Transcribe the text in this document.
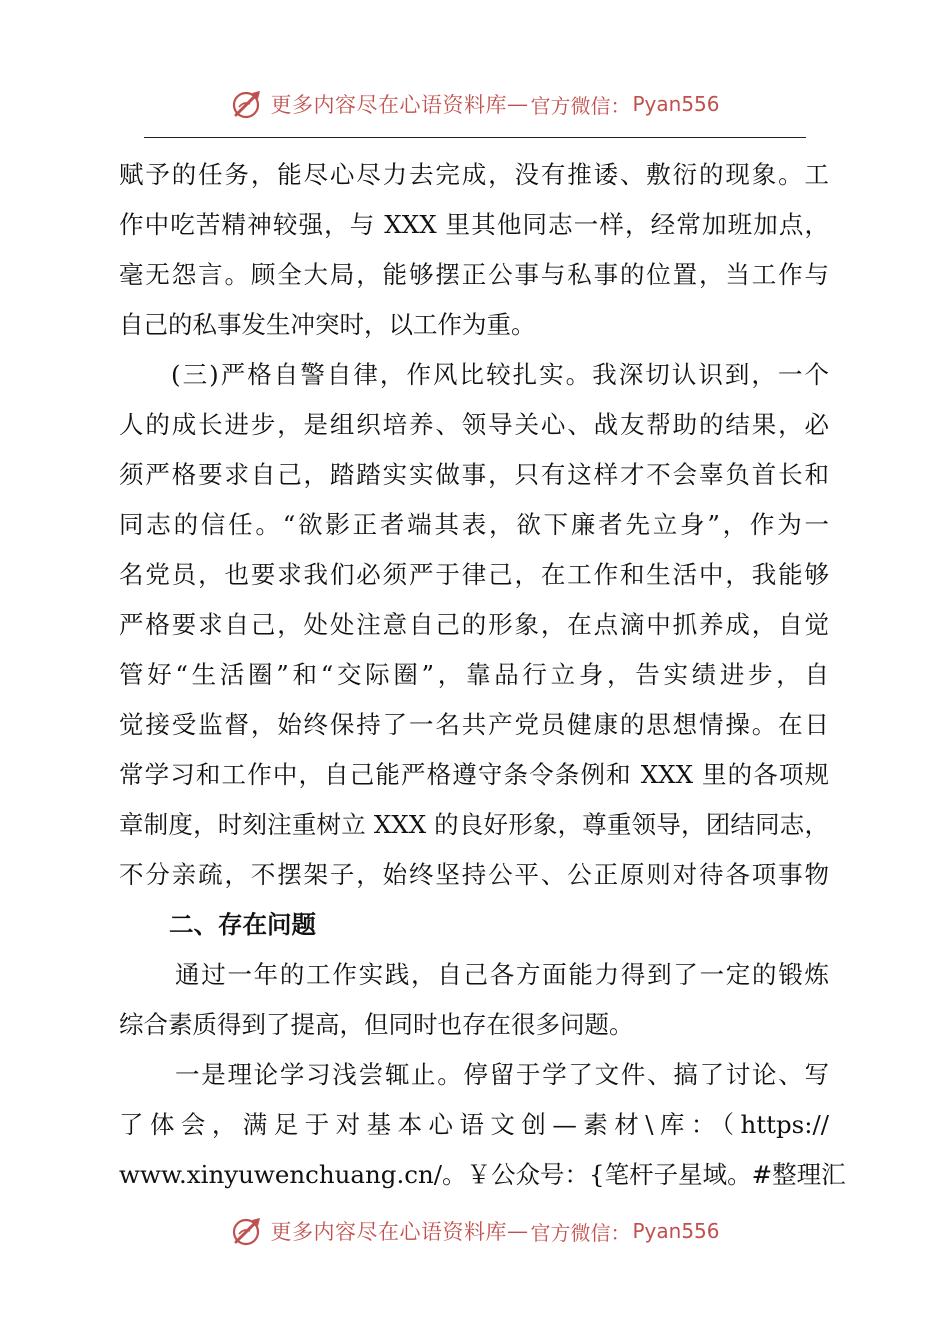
更多内容尽在心语资料库 — 官方微信： Pyan556
赋予的任务，能尽心尽力去完成，没有推诿、敷衍的现象。工
作中吃苦精神较强，与 XXX 里其他同志一样，经常加班加点，
毫无怨言。顾全大局，能够摆正公事与私事的位置，当工作与
自己的私事发生冲突时，以工作为重。
(三)严格自警自律，作风比较扎实。我深切认识到，一个
人的成长进步，是组织培养、领导关心、战友帮助的结果，必
须严格要求自己，踏踏实实做事，只有这样才不会辜负首长和
同志的信任。“欲影正者端其表，欲下廉者先立身”，作为一
名党员，也要求我们必须严于律己，在工作和生活中，我能够
严格要求自己，处处注意自己的形象，在点滴中抓养成，自觉
管好“生活圈”和“交际圈”，靠品行立身，告实绩进步，自
觉接受监督，始终保持了一名共产党员健康的思想情操。在日
常学习和工作中，自己能严格遵守条令条例和 XXX 里的各项规
章制度，时刻注重树立 XXX 的良好形象，尊重领导，团结同志，
不分亲疏，不摆架子，始终坚持公平、公正原则对待各项事物
二、存在问题
通过一年的工作实践，自己各方面能力得到了一定的锻炼
综合素质得到了提高，但同时也存在很多问题。
一是理论学习浅尝辄止。停留于学了文件、搞了讨论、写
了体会，满足于对基本心语文创—素材\库：（https://
www.xinyuwenchuang.cn/。￥公众号：{笔杆子星域。#整理汇
更多内容尽在心语资料库 — 官方微信： Pyan556
